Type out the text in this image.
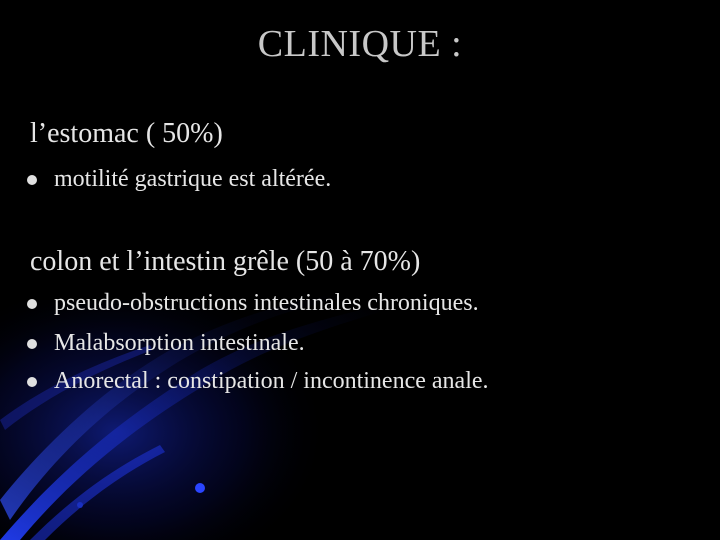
CLINIQUE :
l’estomac ( 50%)
motilité gastrique est altérée.
colon et l’intestin grêle (50 à 70%)
pseudo-obstructions intestinales chroniques.
Malabsorption intestinale.
Anorectal : constipation / incontinence anale.
